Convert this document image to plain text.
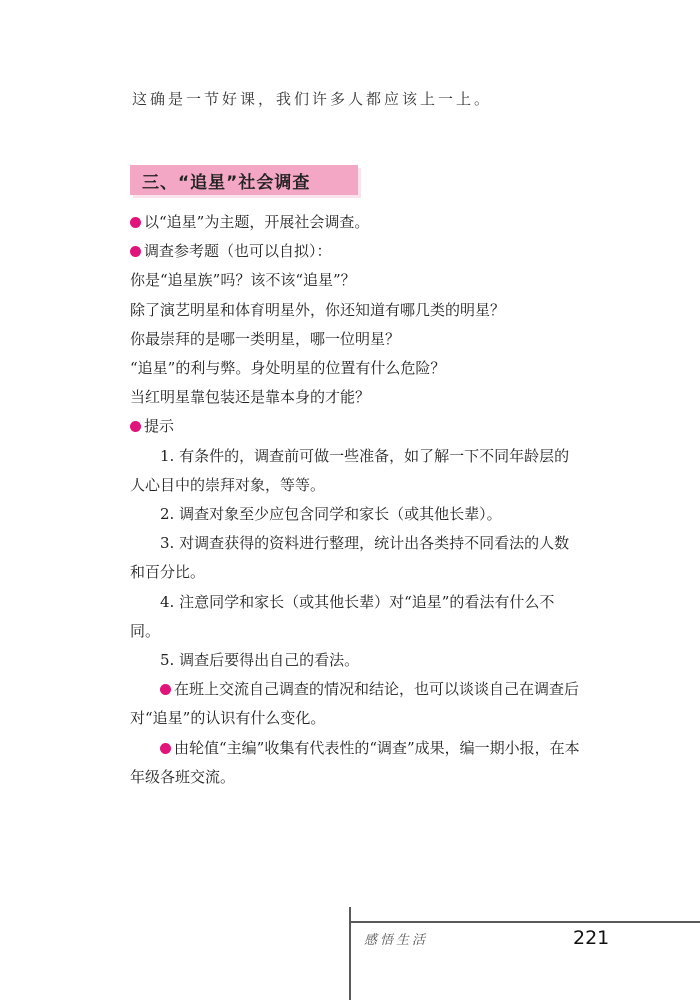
这确是一节好课，我们许多人都应该上一上。
三、“追星”社会调查

以“追星”为主题，开展社会调查。

调查参考题（也可以自拟）：

你是“追星族”吗？该不该“追星”？

除了演艺明星和体育明星外，你还知道有哪几类的明星？

你最崇拜的是哪一类明星，哪一位明星？

“追星”的利与弊。身处明星的位置有什么危险？

当红明星靠包装还是靠本身的才能？

提示

1. 有条件的，调查前可做一些准备，如了解一下不同年龄层的人心目中的崇拜对象，等等。

2. 调查对象至少应包含同学和家长（或其他长辈）。

3. 对调查获得的资料进行整理，统计出各类持不同看法的人数和百分比。

4. 注意同学和家长（或其他长辈）对“追星”的看法有什么不同。

5. 调查后要得出自己的看法。

在班上交流自己调查的情况和结论，也可以谈谈自己在调查后对“追星”的认识有什么变化。

由轮值“主编”收集有代表性的“调查”成果，编一期小报，在本年级各班交流。

感悟生活	221
